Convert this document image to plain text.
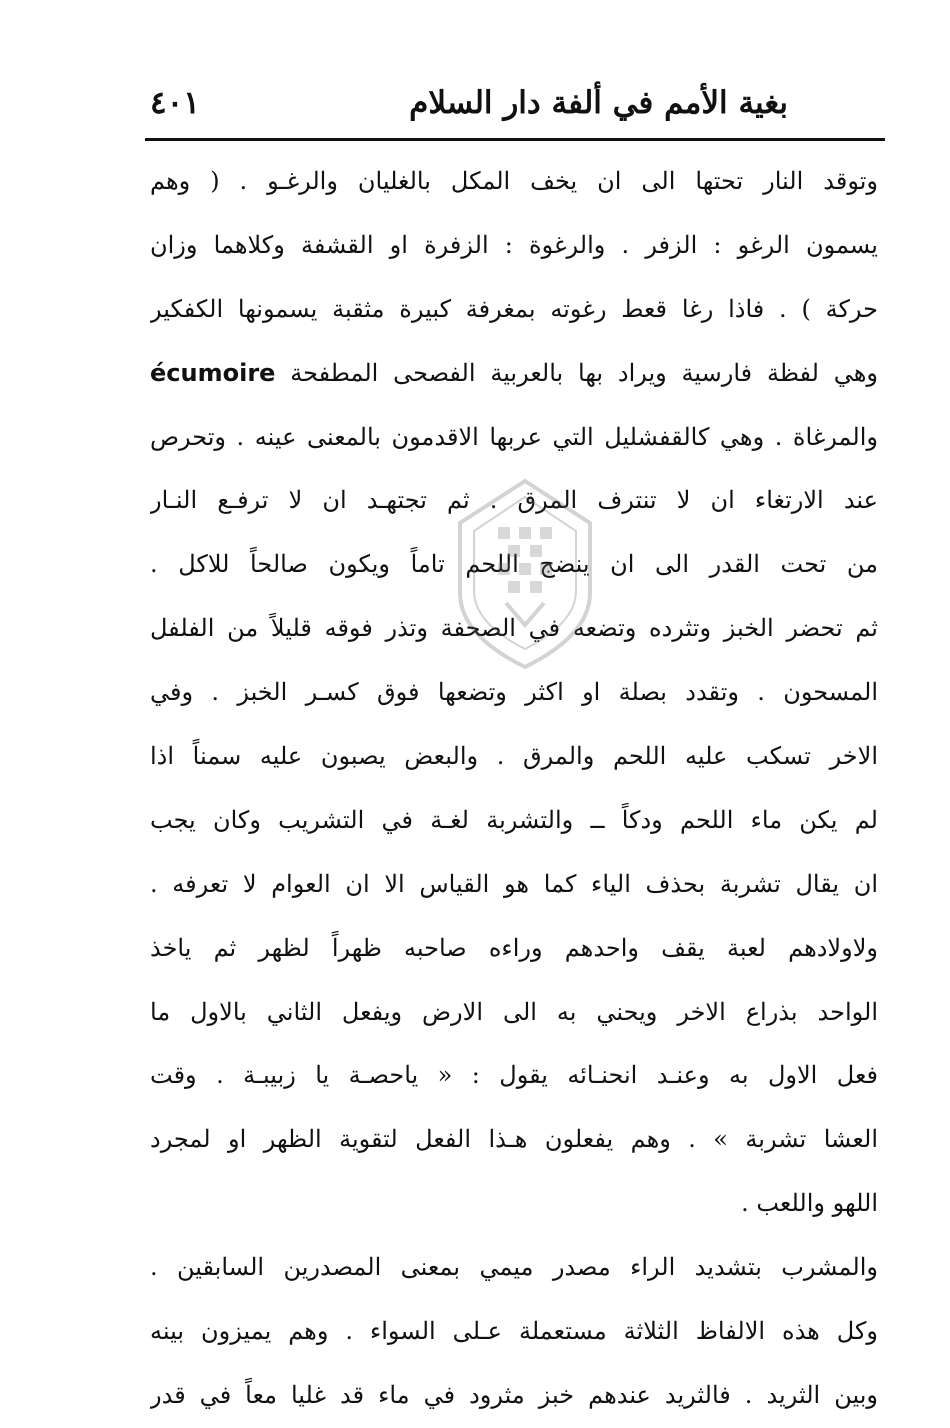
بغية الأمم في ألفة دار السلام
٤٠١
وتوقد النار تحتها الى ان يخف المكل بالغليان والرغـو . ( وهم
يسمون الرغو : الزفر . والرغوة : الزفرة او القشفة وكلاهما وزان
حركة ) . فاذا رغا قعط رغوته بمغرفة كبيرة مثقبة يسمونها الكفكير
وهي لفظة فارسية ويراد بها بالعربية الفصحى المطفحة écumoire
والمرغاة . وهي كالقفشليل التي عربها الاقدمون بالمعنى عينه . وتحرص
عند الارتغاء ان لا تنترف المرق . ثم تجتهـد ان لا ترفـع النـار
من تحت القدر الى ان ينضج اللحم تاماً ويكون صالحاً للاكل .
ثم تحضر الخبز وتثرده وتضعه في الصحفة وتذر فوقه قليلاً من الفلفل
المسحون . وتقدد بصلة او اكثر وتضعها فوق كسـر الخبز . وفي
الاخر تسكب عليه اللحم والمرق . والبعض يصبون عليه سمناً اذا
لم يكن ماء اللحم ودكاً ــ والتشربة لغـة في التشريب وكان يجب
ان يقال تشربة بحذف الياء كما هو القياس الا ان العوام لا تعرفه .
ولاولادهم لعبة يقف واحدهم وراءه صاحبه ظهراً لظهر ثم ياخذ
الواحد بذراع الاخر ويحني به الى الارض ويفعل الثاني بالاول ما
فعل الاول به وعنـد انحنـائه يقول : « ياحصـة يا زبيبـة . وقت
العشا تشربة » . وهم يفعلون هـذا الفعل لتقوية الظهر او لمجرد
اللهو واللعب .
والمشرب بتشديد الراء مصدر ميمي بمعنى المصدرين السابقين .
وكل هذه الالفاظ الثلاثة مستعملة عـلى السواء . وهم يميزون بينه
وبين الثريد . فالثريد عندهم خبز مثرود في ماء قد غليا معاً في قدر
